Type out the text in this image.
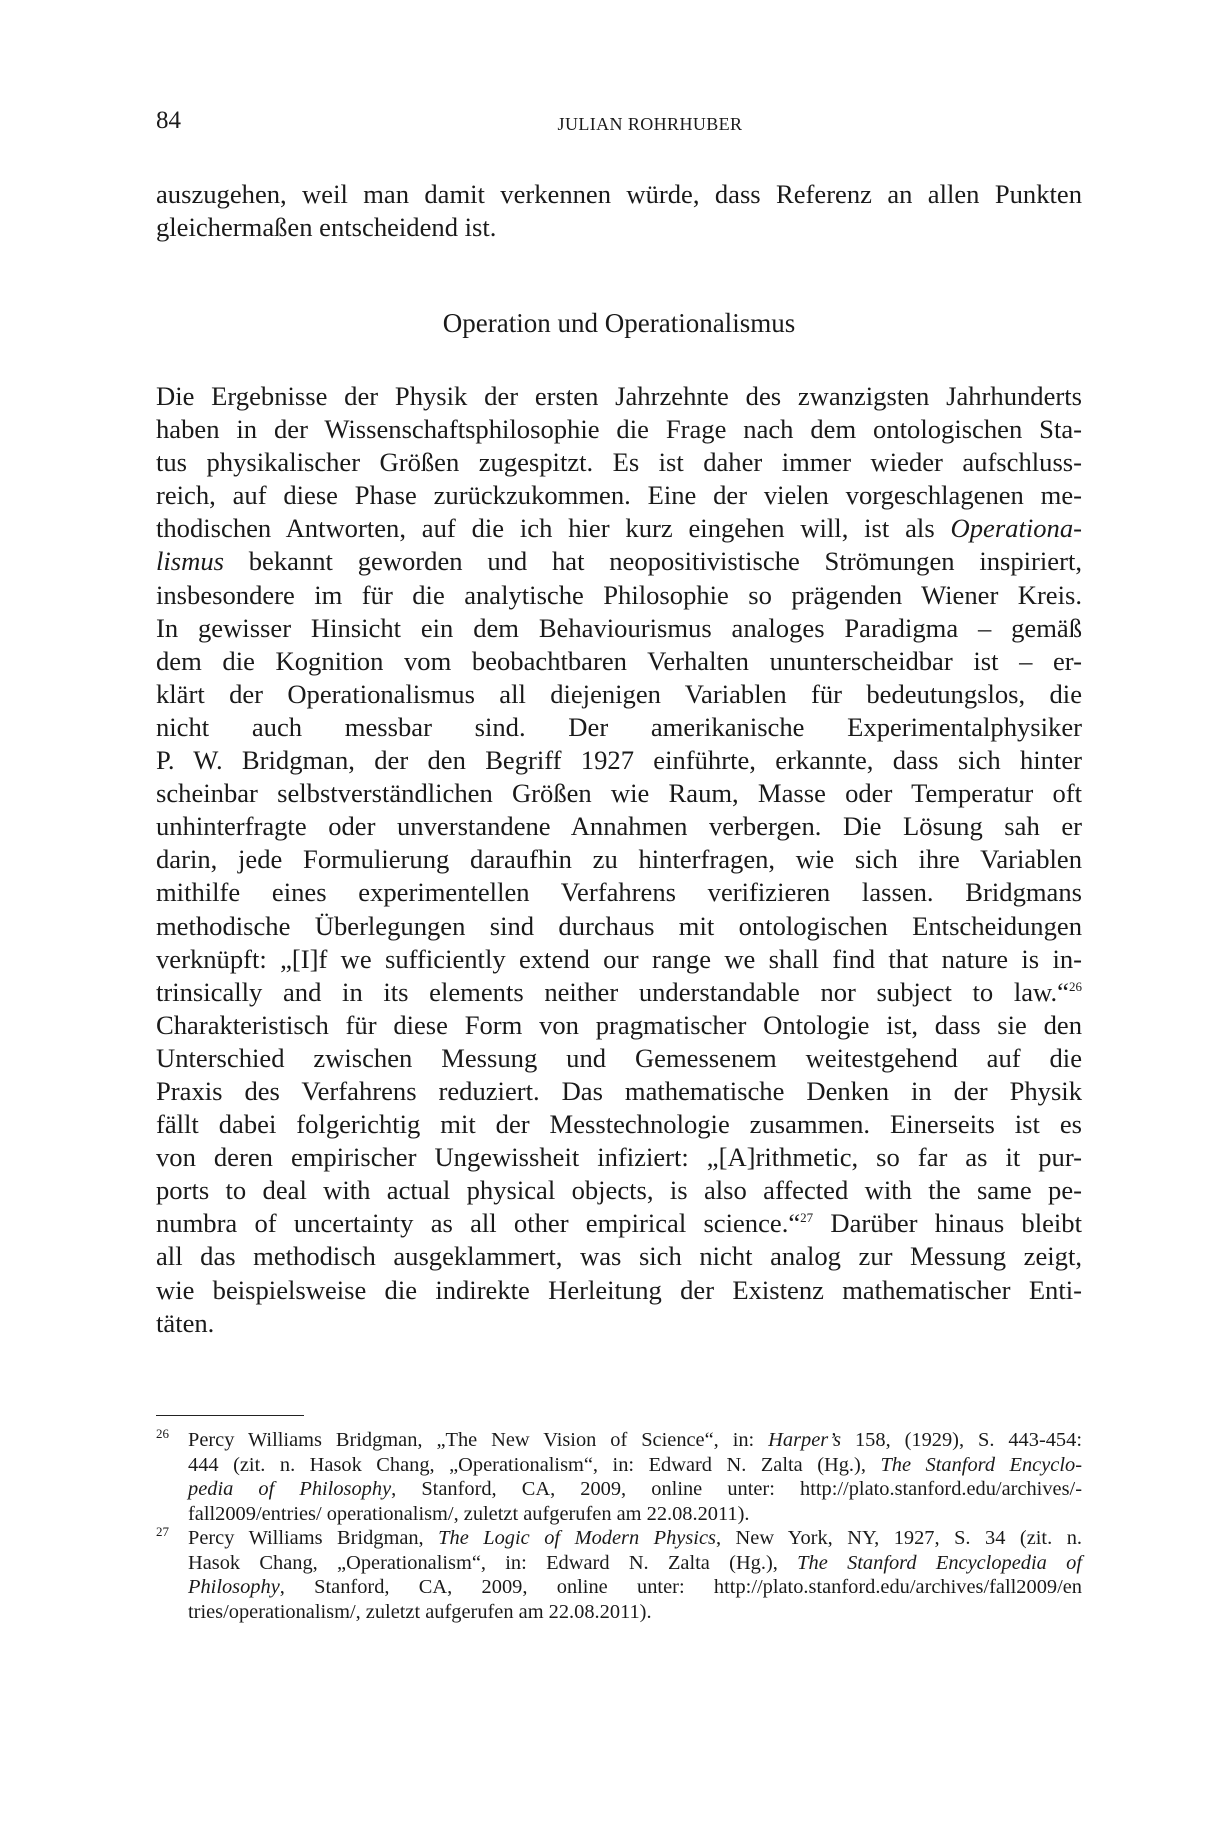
84	JULIAN ROHRHUBER
auszugehen, weil man damit verkennen würde, dass Referenz an allen Punkten
gleichermaßen entscheidend ist.
Operation und Operationalismus
Die Ergebnisse der Physik der ersten Jahrzehnte des zwanzigsten Jahrhunderts
haben in der Wissenschaftsphilosophie die Frage nach dem ontologischen Sta-
tus physikalischer Größen zugespitzt. Es ist daher immer wieder aufschluss-
reich, auf diese Phase zurückzukommen. Eine der vielen vorgeschlagenen me-
thodischen Antworten, auf die ich hier kurz eingehen will, ist als Operationa-
lismus bekannt geworden und hat neopositivistische Strömungen inspiriert,
insbesondere im für die analytische Philosophie so prägenden Wiener Kreis.
In gewisser Hinsicht ein dem Behaviourismus analoges Paradigma – gemäß
dem die Kognition vom beobachtbaren Verhalten ununterscheidbar ist – er-
klärt der Operationalismus all diejenigen Variablen für bedeutungslos, die
nicht auch messbar sind. Der amerikanische Experimentalphysiker
P. W. Bridgman, der den Begriff 1927 einführte, erkannte, dass sich hinter
scheinbar selbstverständlichen Größen wie Raum, Masse oder Temperatur oft
unhinterfragte oder unverstandene Annahmen verbergen. Die Lösung sah er
darin, jede Formulierung daraufhin zu hinterfragen, wie sich ihre Variablen
mithilfe eines experimentellen Verfahrens verifizieren lassen. Bridgmans
methodische Überlegungen sind durchaus mit ontologischen Entscheidungen
verknüpft: „[I]f we sufficiently extend our range we shall find that nature is in-
trinsically and in its elements neither understandable nor subject to law.“$^{26}$
Charakteristisch für diese Form von pragmatischer Ontologie ist, dass sie den
Unterschied zwischen Messung und Gemessenem weitestgehend auf die
Praxis des Verfahrens reduziert. Das mathematische Denken in der Physik
fällt dabei folgerichtig mit der Messtechnologie zusammen. Einerseits ist es
von deren empirischer Ungewissheit infiziert: „[A]rithmetic, so far as it pur-
ports to deal with actual physical objects, is also affected with the same pe-
numbra of uncertainty as all other empirical science.“$^{27}$ Darüber hinaus bleibt
all das methodisch ausgeklammert, was sich nicht analog zur Messung zeigt,
wie beispielsweise die indirekte Herleitung der Existenz mathematischer Enti-
täten.
26 Percy Williams Bridgman, „The New Vision of Science“, in: Harper’s 158, (1929), S. 443-454:
444 (zit. n. Hasok Chang, „Operationalism“, in: Edward N. Zalta (Hg.), The Stanford Encyclo-
pedia of Philosophy, Stanford, CA, 2009, online unter: http://plato.stanford.edu/archives/-
fall2009/entries/ operationalism/, zuletzt aufgerufen am 22.08.2011).
27 Percy Williams Bridgman, The Logic of Modern Physics, New York, NY, 1927, S. 34 (zit. n.
Hasok Chang, „Operationalism“, in: Edward N. Zalta (Hg.), The Stanford Encyclopedia of
Philosophy, Stanford, CA, 2009, online unter: http://plato.stanford.edu/archives/fall2009/en
tries/operationalism/, zuletzt aufgerufen am 22.08.2011).
